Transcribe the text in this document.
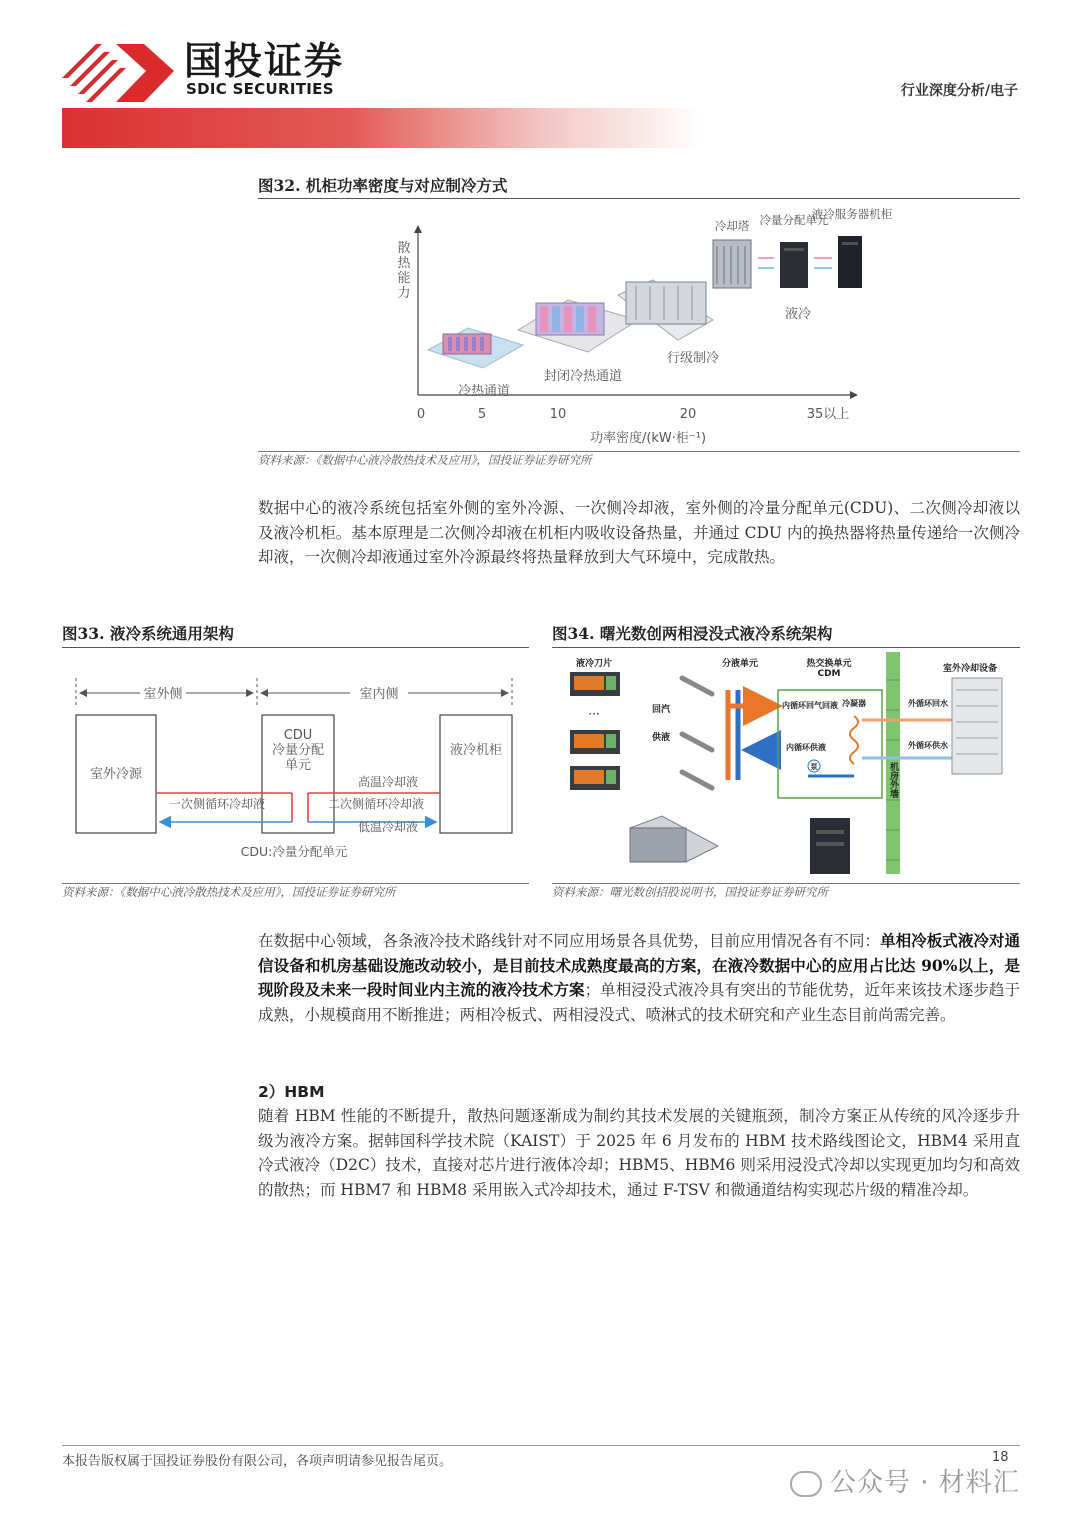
国投证券
SDIC SECURITIES	行业深度分析/电子
图32. 机柜功率密度与对应制冷方式
散热能力
冷热通道
封闭冷热通道
行级制冷
液冷
冷却塔 冷量分配单元
液冷服务器机柜
0	5	10	20	35以上
功率密度/(kW·柜⁻¹)
资料来源：《数据中心液冷散热技术及应用》，国投证券证券研究所
数据中心的液冷系统包括室外侧的室外冷源、一次侧冷却液，室外侧的冷量分配单元(CDU)、二次侧冷却液以及液冷机柜。基本原理是二次侧冷却液在机柜内吸收设备热量，并通过 CDU 内的换热器将热量传递给一次侧冷却液，一次侧冷却液通过室外冷源最终将热量释放到大气环境中，完成散热。
图33. 液冷系统通用架构
室外侧	室内侧
室外冷源
CDU
冷量分配
单元
液冷机柜
一次侧循环冷却液	二次侧循环冷却液
高温冷却液
低温冷却液
CDU:冷量分配单元
资料来源：《数据中心液冷散热技术及应用》，国投证券证券研究所
图34. 曙光数创两相浸没式液冷系统架构
液冷刀片	分液单元	热交换单元
CDM	室外冷却设备
···	回汽
供液
内循环回气回液 冷凝器
内循环供液
泵	机房外墙
外循环回水
外循环供水
资料来源：曙光数创招股说明书，国投证券证券研究所
在数据中心领域，各条液冷技术路线针对不同应用场景各具优势，目前应用情况各有不同：单相冷板式液冷对通信设备和机房基础设施改动较小，是目前技术成熟度最高的方案，在液冷数据中心的应用占比达 90%以上，是现阶段及未来一段时间业内主流的液冷技术方案；单相浸没式液冷具有突出的节能优势，近年来该技术逐步趋于成熟，小规模商用不断推进；两相冷板式、两相浸没式、喷淋式的技术研究和产业生态目前尚需完善。
2）HBM
随着 HBM 性能的不断提升，散热问题逐渐成为制约其技术发展的关键瓶颈，制冷方案正从传统的风冷逐步升级为液冷方案。据韩国科学技术院（KAIST）于 2025 年 6 月发布的 HBM 技术路线图论文，HBM4 采用直冷式液冷（D2C）技术，直接对芯片进行液体冷却；HBM5、HBM6 则采用浸没式冷却以实现更加均匀和高效的散热；而 HBM7 和 HBM8 采用嵌入式冷却技术，通过 F-TSV 和微通道结构实现芯片级的精准冷却。
本报告版权属于国投证券股份有限公司，各项声明请参见报告尾页。	18
公众号 · 材料汇
